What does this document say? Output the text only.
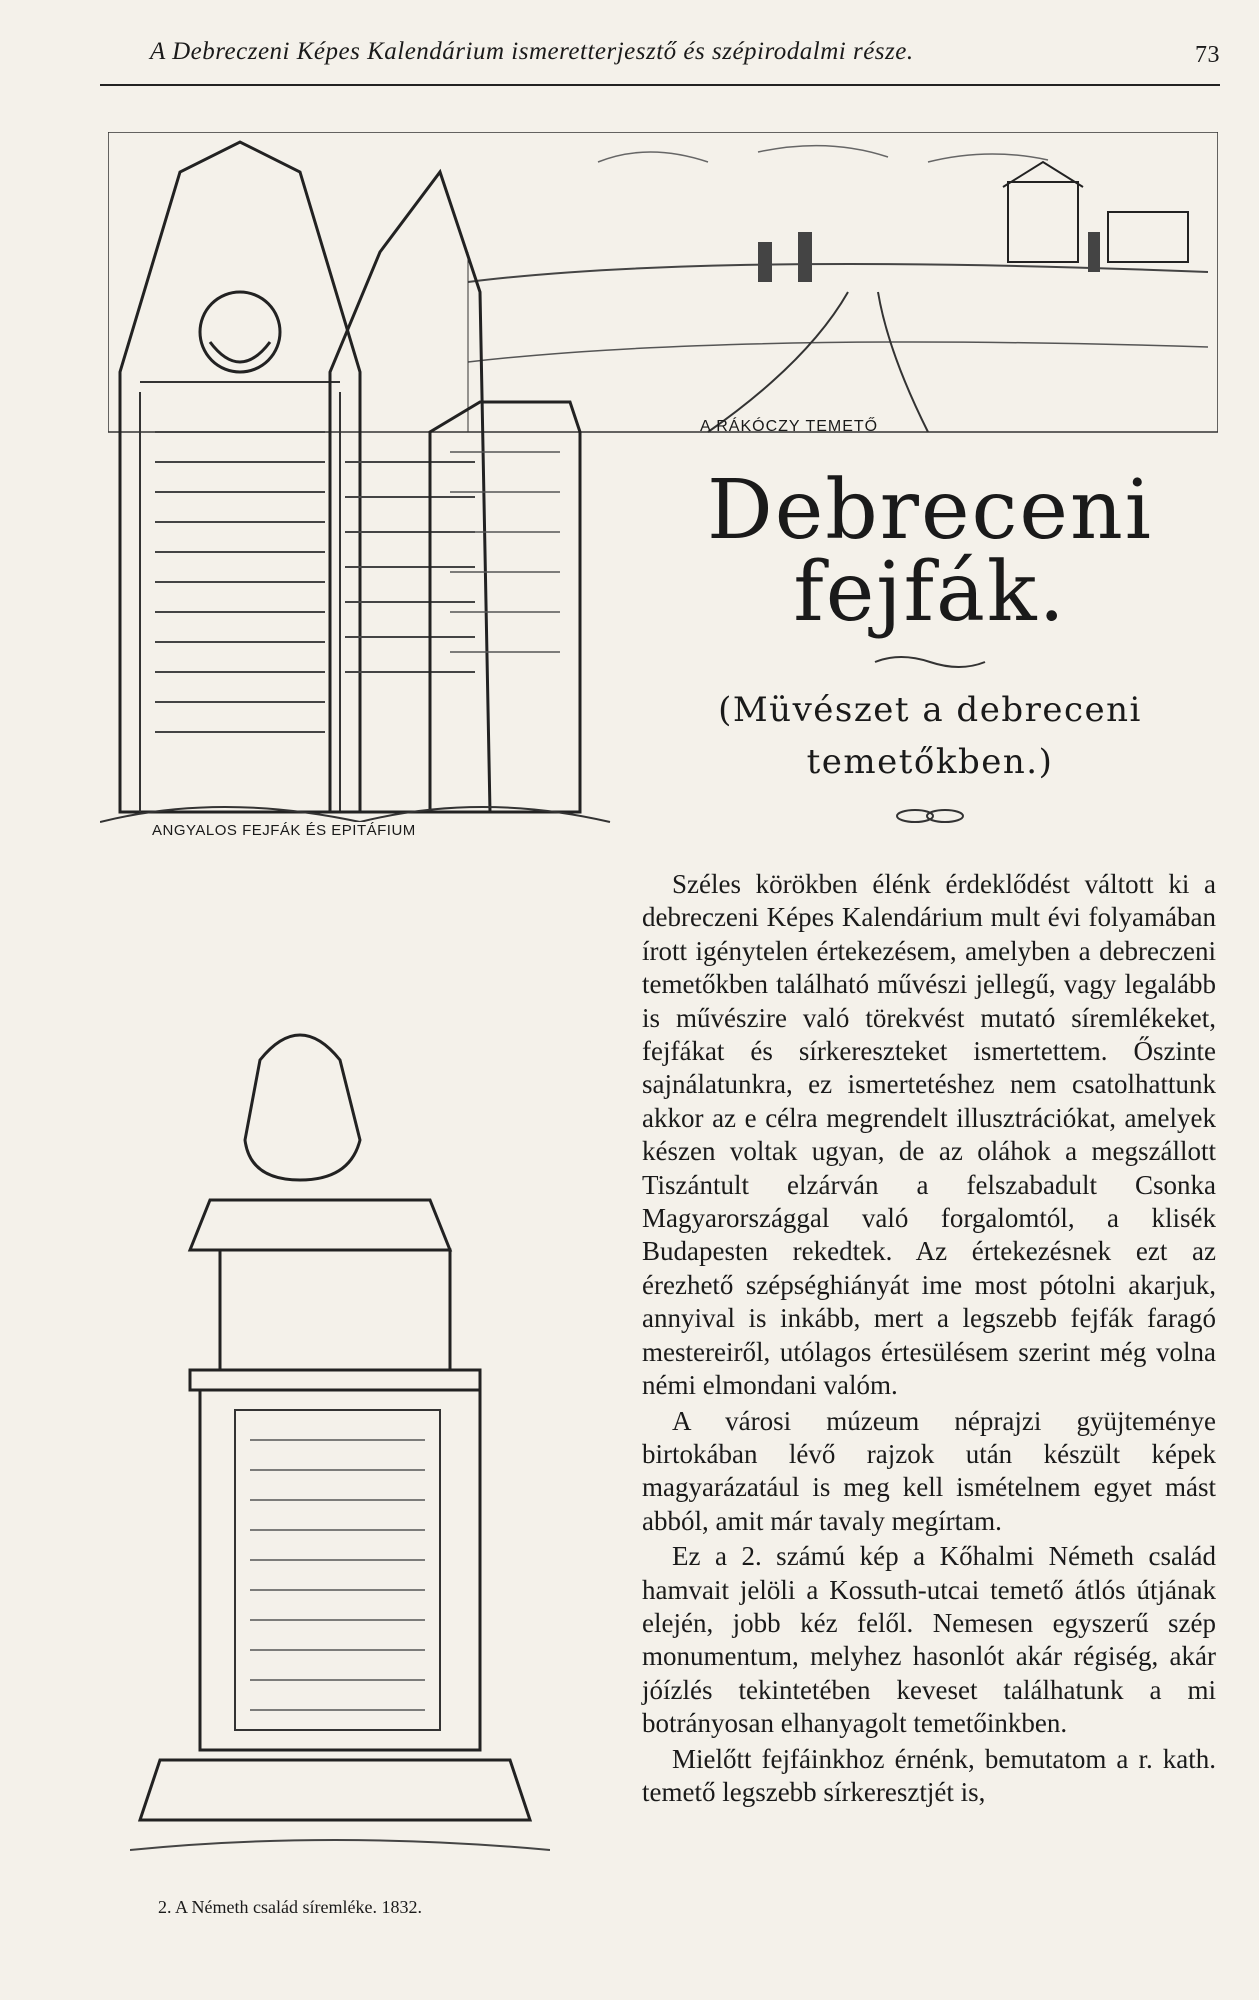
A Debreczeni Képes Kalendárium ismeretterjesztő és szépirodalmi része.	73
A RÁKÓCZY TEMETŐ
ANGYALOS FEJFÁK ÉS EPITÁFIUM
Debreceni fejfák.
(Müvészet a debreceni temetőkben.)
2. A Németh család síremléke. 1832.

Széles körökben élénk érdeklődést váltott ki a debreczeni Képes Kalendárium mult évi folyamában írott igénytelen értekezésem, amelyben a debreczeni temetőkben található művészi jellegű, vagy legalább is művészire való törekvést mutató síremlékeket, fejfákat és sírkereszteket ismertettem. Őszinte sajnálatunkra, ez ismertetéshez nem csatolhattunk akkor az e célra megrendelt illusztrációkat, amelyek készen voltak ugyan, de az oláhok a megszállott Tiszántult elzárván a felszabadult Csonka Magyarországgal való forgalomtól, a klisék Budapesten rekedtek. Az értekezésnek ezt az érezhető szépséghiányát ime most pótolni akarjuk, annyival is inkább, mert a legszebb fejfák faragó mestereiről, utólagos értesülésem szerint még volna némi elmondani valóm.

A városi múzeum néprajzi gyüjteménye birtokában lévő rajzok után készült képek magyarázatául is meg kell ismételnem egyet mást abból, amit már tavaly megírtam.

Ez a 2. számú kép a Kőhalmi Németh család hamvait jelöli a Kossuth-utcai temető átlós útjának elején, jobb kéz felől. Nemesen egyszerű szép monumentum, melyhez hasonlót akár régiség, akár jóízlés tekintetében keveset találhatunk a mi botrányosan elhanyagolt temetőinkben.

Mielőtt fejfáinkhoz érnénk, bemutatom a r. kath. temető legszebb sírkeresztjét is,
